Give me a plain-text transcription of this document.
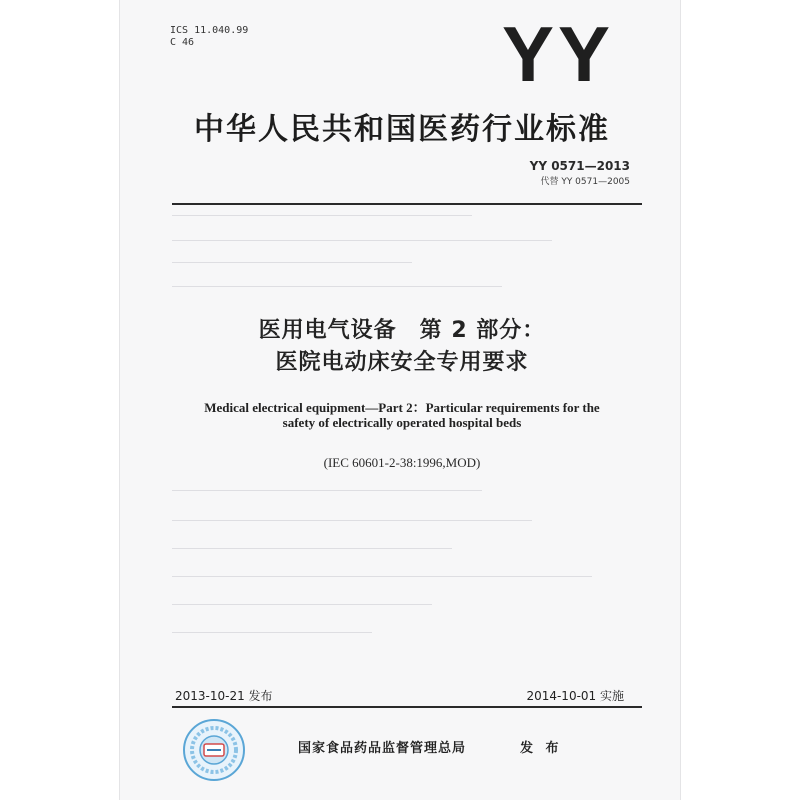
ICS 11.040.99
C 46	YY
中华人民共和国医药行业标准
YY 0571—2013
代替 YY 0571—2005
医用电气设备　第 2 部分：
医院电动床安全专用要求
Medical electrical equipment—Part 2：Particular requirements for the
safety of electrically operated hospital beds
(IEC 60601-2-38:1996,MOD)
2013-10-21 发布	2014-10-01 实施
国家食品药品监督管理总局	发 布
